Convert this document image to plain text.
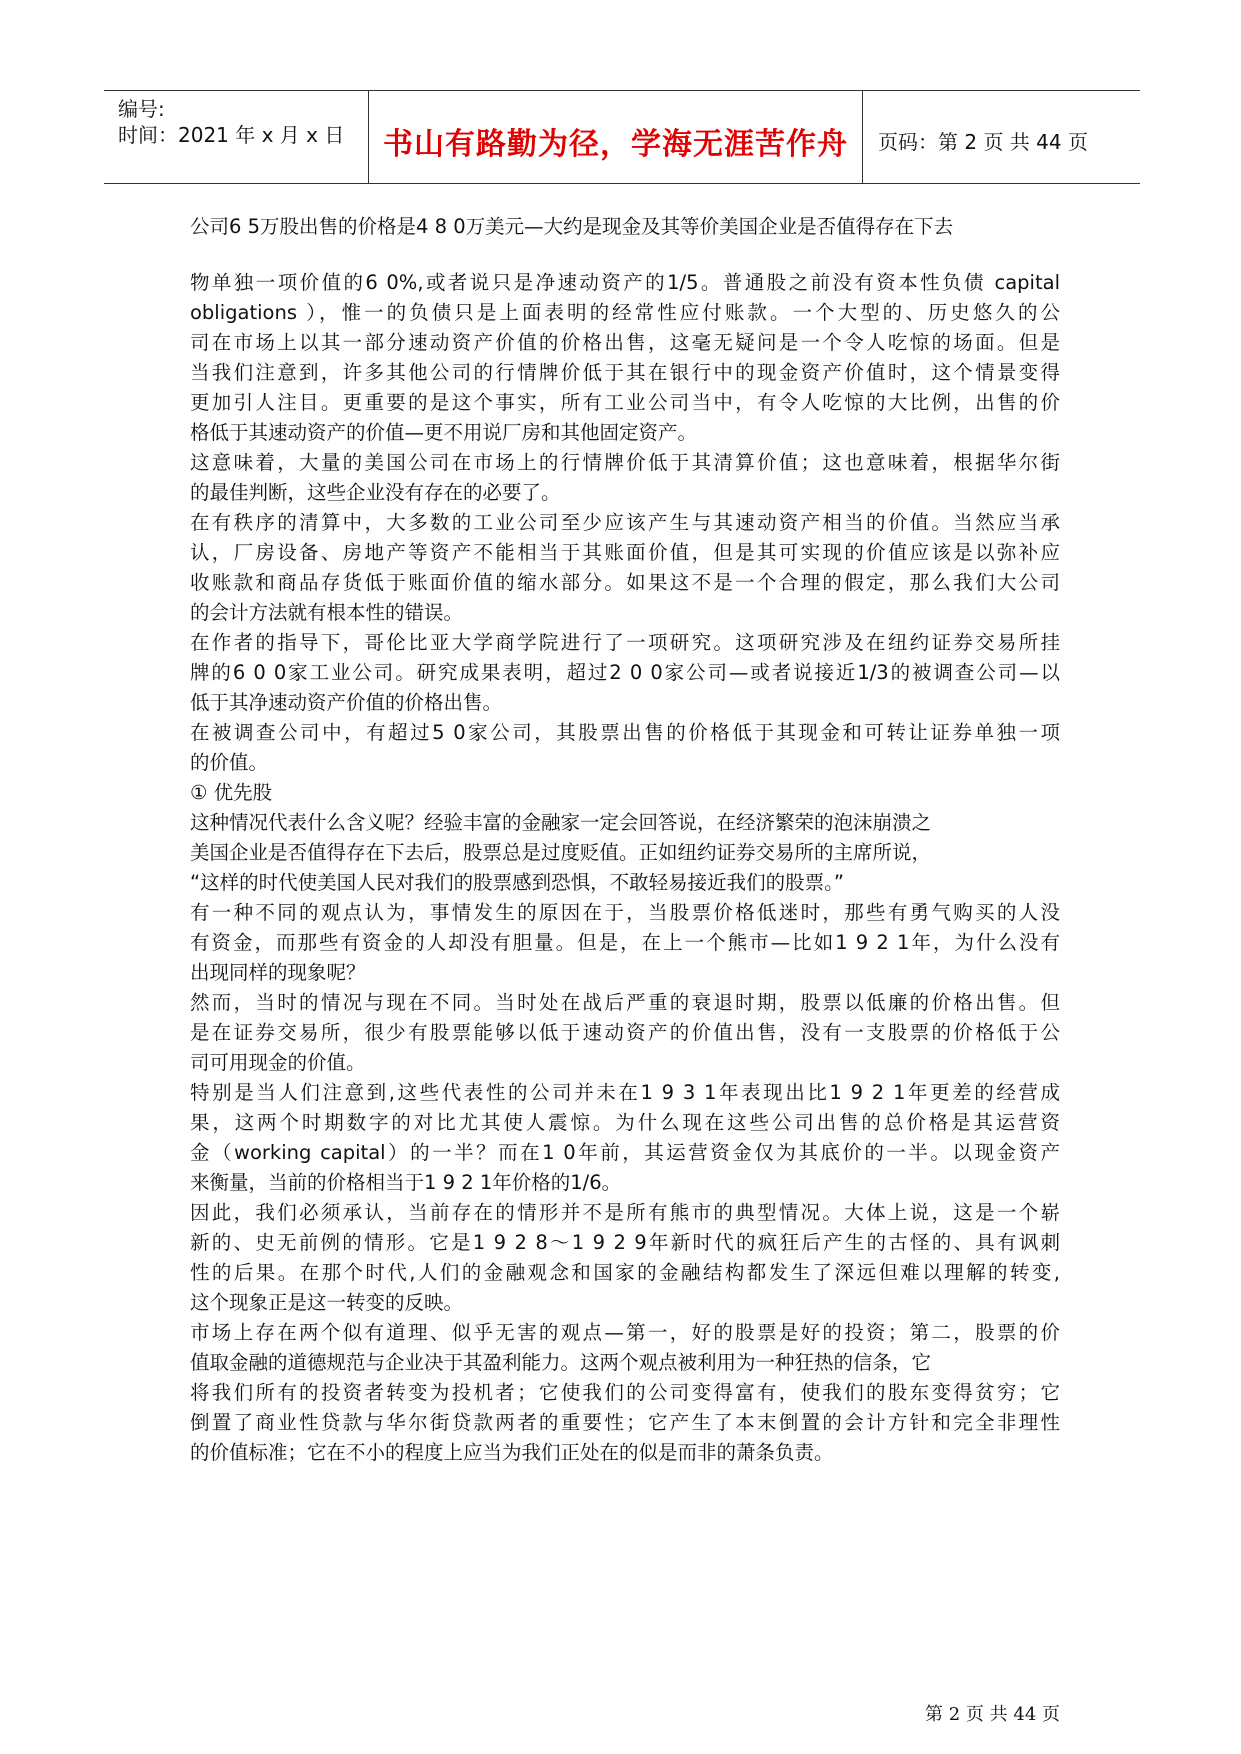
编号:
时间：2021 年 x 月 x 日	书山有路勤为径，学海无涯苦作舟	页码：第 2 页 共 44 页
公司6 5万股出售的价格是4 8 0万美元—大约是现金及其等价美国企业是否值得存在下去
物单独一项价值的6 0%,或者说只是净速动资产的1/5。普通股之前没有资本性负债 capital
obligations ），惟一的负债只是上面表明的经常性应付账款。一个大型的、历史悠久的公
司在市场上以其一部分速动资产价值的价格出售，这毫无疑问是一个令人吃惊的场面。但是
当我们注意到，许多其他公司的行情牌价低于其在银行中的现金资产价值时，这个情景变得
更加引人注目。更重要的是这个事实，所有工业公司当中，有令人吃惊的大比例，出售的价
格低于其速动资产的价值—更不用说厂房和其他固定资产。
这意味着，大量的美国公司在市场上的行情牌价低于其清算价值；这也意味着，根据华尔街
的最佳判断，这些企业没有存在的必要了。
在有秩序的清算中，大多数的工业公司至少应该产生与其速动资产相当的价值。当然应当承
认，厂房设备、房地产等资产不能相当于其账面价值，但是其可实现的价值应该是以弥补应
收账款和商品存货低于账面价值的缩水部分。如果这不是一个合理的假定，那么我们大公司
的会计方法就有根本性的错误。
在作者的指导下，哥伦比亚大学商学院进行了一项研究。这项研究涉及在纽约证券交易所挂
牌的6 0 0家工业公司。研究成果表明，超过2 0 0家公司—或者说接近1/3的被调查公司—以
低于其净速动资产价值的价格出售。
在被调查公司中，有超过5 0家公司，其股票出售的价格低于其现金和可转让证券单独一项
的价值。
① 优先股
这种情况代表什么含义呢？经验丰富的金融家一定会回答说，在经济繁荣的泡沫崩溃之
美国企业是否值得存在下去后，股票总是过度贬值。正如纽约证券交易所的主席所说，
“这样的时代使美国人民对我们的股票感到恐惧，不敢轻易接近我们的股票。”
有一种不同的观点认为，事情发生的原因在于，当股票价格低迷时，那些有勇气购买的人没
有资金，而那些有资金的人却没有胆量。但是，在上一个熊市—比如1 9 2 1年，为什么没有
出现同样的现象呢？
然而，当时的情况与现在不同。当时处在战后严重的衰退时期，股票以低廉的价格出售。但
是在证券交易所，很少有股票能够以低于速动资产的价值出售，没有一支股票的价格低于公
司可用现金的价值。
特别是当人们注意到,这些代表性的公司并未在1 9 3 1年表现出比1 9 2 1年更差的经营成
果，这两个时期数字的对比尤其使人震惊。为什么现在这些公司出售的总价格是其运营资
金（working capital）的一半？而在1 0年前，其运营资金仅为其底价的一半。以现金资产
来衡量，当前的价格相当于1 9 2 1年价格的1/6。
因此，我们必须承认，当前存在的情形并不是所有熊市的典型情况。大体上说，这是一个崭
新的、史无前例的情形。它是1 9 2 8～1 9 2 9年新时代的疯狂后产生的古怪的、具有讽刺
性的后果。在那个时代,人们的金融观念和国家的金融结构都发生了深远但难以理解的转变,
这个现象正是这一转变的反映。
市场上存在两个似有道理、似乎无害的观点—第一，好的股票是好的投资；第二，股票的价
值取金融的道德规范与企业决于其盈利能力。这两个观点被利用为一种狂热的信条，它
将我们所有的投资者转变为投机者；它使我们的公司变得富有，使我们的股东变得贫穷；它
倒置了商业性贷款与华尔街贷款两者的重要性；它产生了本末倒置的会计方针和完全非理性
的价值标准；它在不小的程度上应当为我们正处在的似是而非的萧条负责。
第 2 页 共 44 页
